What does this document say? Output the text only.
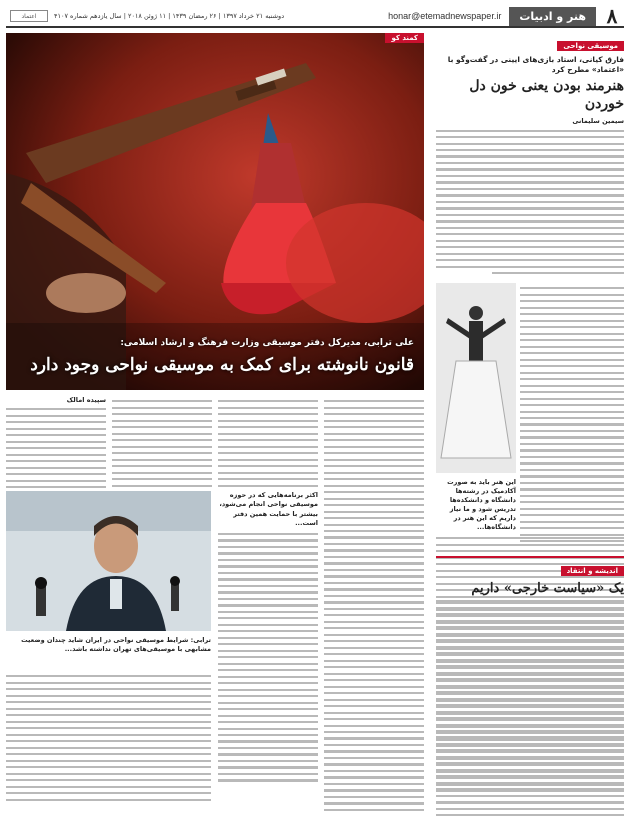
۸
هنر و ادبیات
honar@etemadnewspaper.ir
دوشنبه ۲۱ خرداد ۱۳۹۷ | ۲۶ رمضان ۱۴۳۹ | ۱۱ ژوئن ۲۰۱۸ | سال یازدهم شماره ۴۱۰۷
اعتماد
کمند کو
علی ترابی، مدیرکل دفتر موسیقی وزارت فرهنگ و ارشاد اسلامی:
قانون نانوشته برای کمک به موسیقی نواحی وجود دارد
موسیقی نواحی
فارق کیانی، استاد بازی‌های ایینی در گفت‌وگو با «اعتماد» مطرح کرد
هنرمند بودن یعنی خون دل خوردن
سیمین سلیمانی
این هنر باید به صورت آکادمیک در رشته‌ها دانشگاه و دانشکده‌ها تدریس شود و ما نیاز داریم که این هنر در دانشگاه‌ها...
سپیده امالک
ترابی: شرایط موسیقی نواحی در ایران شاید چندان وضعیت مشابهی با موسیقی‌های تهران نداشته باشد...
اکثر برنامه‌هایی که در حوزه موسیقی نواحی انجام می‌شود، بیشتر با حمایت همین دفتر است...
اندیشه و انتقاد
یک «سیاست خارجی» داریم
